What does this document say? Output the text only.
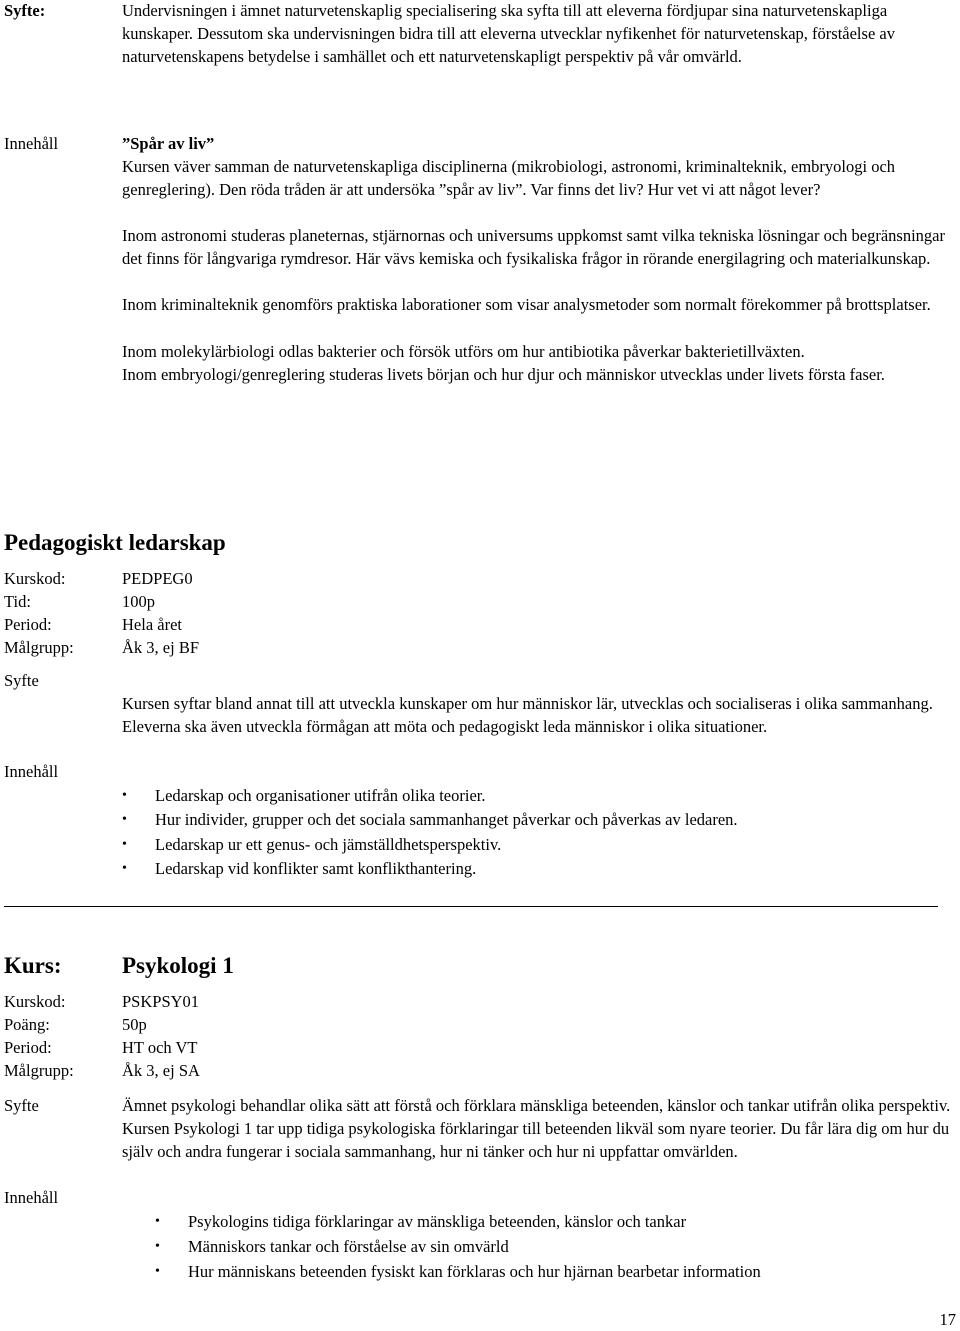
Syfte:	Undervisningen i ämnet naturvetenskaplig specialisering ska syfta till att eleverna fördjupar sina naturvetenskapliga kunskaper. Dessutom ska undervisningen bidra till att eleverna utvecklar nyfikenhet för naturvetenskap, förståelse av naturvetenskapens betydelse i samhället och ett naturvetenskapligt perspektiv på vår omvärld.

Innehåll	”Spår av liv”

Kursen väver samman de naturvetenskapliga disciplinerna (mikrobiologi, astronomi, kriminalteknik, embryologi och genreglering). Den röda tråden är att undersöka ”spår av liv”. Var finns det liv? Hur vet vi att något lever?

Inom astronomi studeras planeternas, stjärnornas och universums uppkomst samt vilka tekniska lösningar och begränsningar det finns för långvariga rymdresor. Här vävs kemiska och fysikaliska frågor in rörande energilagring och materialkunskap.

Inom kriminalteknik genomförs praktiska laborationer som visar analysmetoder som normalt förekommer på brottsplatser.

Inom molekylärbiologi odlas bakterier och försök utförs om hur antibiotika påverkar bakterietillväxten.

Inom embryologi/genreglering studeras livets början och hur djur och människor utvecklas under livets första faser.

Pedagogiskt ledarskap
Kurskod:	PEDPEG0
Tid:	100p
Period:	Hela året
Målgrupp:	Åk 3, ej BF
Syfte

Kursen syftar bland annat till att utveckla kunskaper om hur människor lär, utvecklas och socialiseras i olika sammanhang. Eleverna ska även utveckla förmågan att möta och pedagogiskt leda människor i olika situationer.

Innehåll
• Ledarskap och organisationer utifrån olika teorier.
• Hur individer, grupper och det sociala sammanhanget påverkar och påverkas av ledaren.
• Ledarskap ur ett genus- och jämställdhetsperspektiv.
• Ledarskap vid konflikter samt konflikthantering.
Kurs:	Psykologi 1
Kurskod:	PSKPSY01
Poäng:	50p
Period:	HT och VT
Målgrupp:	Åk 3, ej SA
Syfte	Ämnet psykologi behandlar olika sätt att förstå och förklara mänskliga beteenden, känslor och tankar utifrån olika perspektiv. Kursen Psykologi 1 tar upp tidiga psykologiska förklaringar till beteenden likväl som nyare teorier. Du får lära dig om hur du själv och andra fungerar i sociala sammanhang, hur ni tänker och hur ni uppfattar omvärlden.

Innehåll
• Psykologins tidiga förklaringar av mänskliga beteenden, känslor och tankar
• Människors tankar och förståelse av sin omvärld
• Hur människans beteenden fysiskt kan förklaras och hur hjärnan bearbetar information
17
